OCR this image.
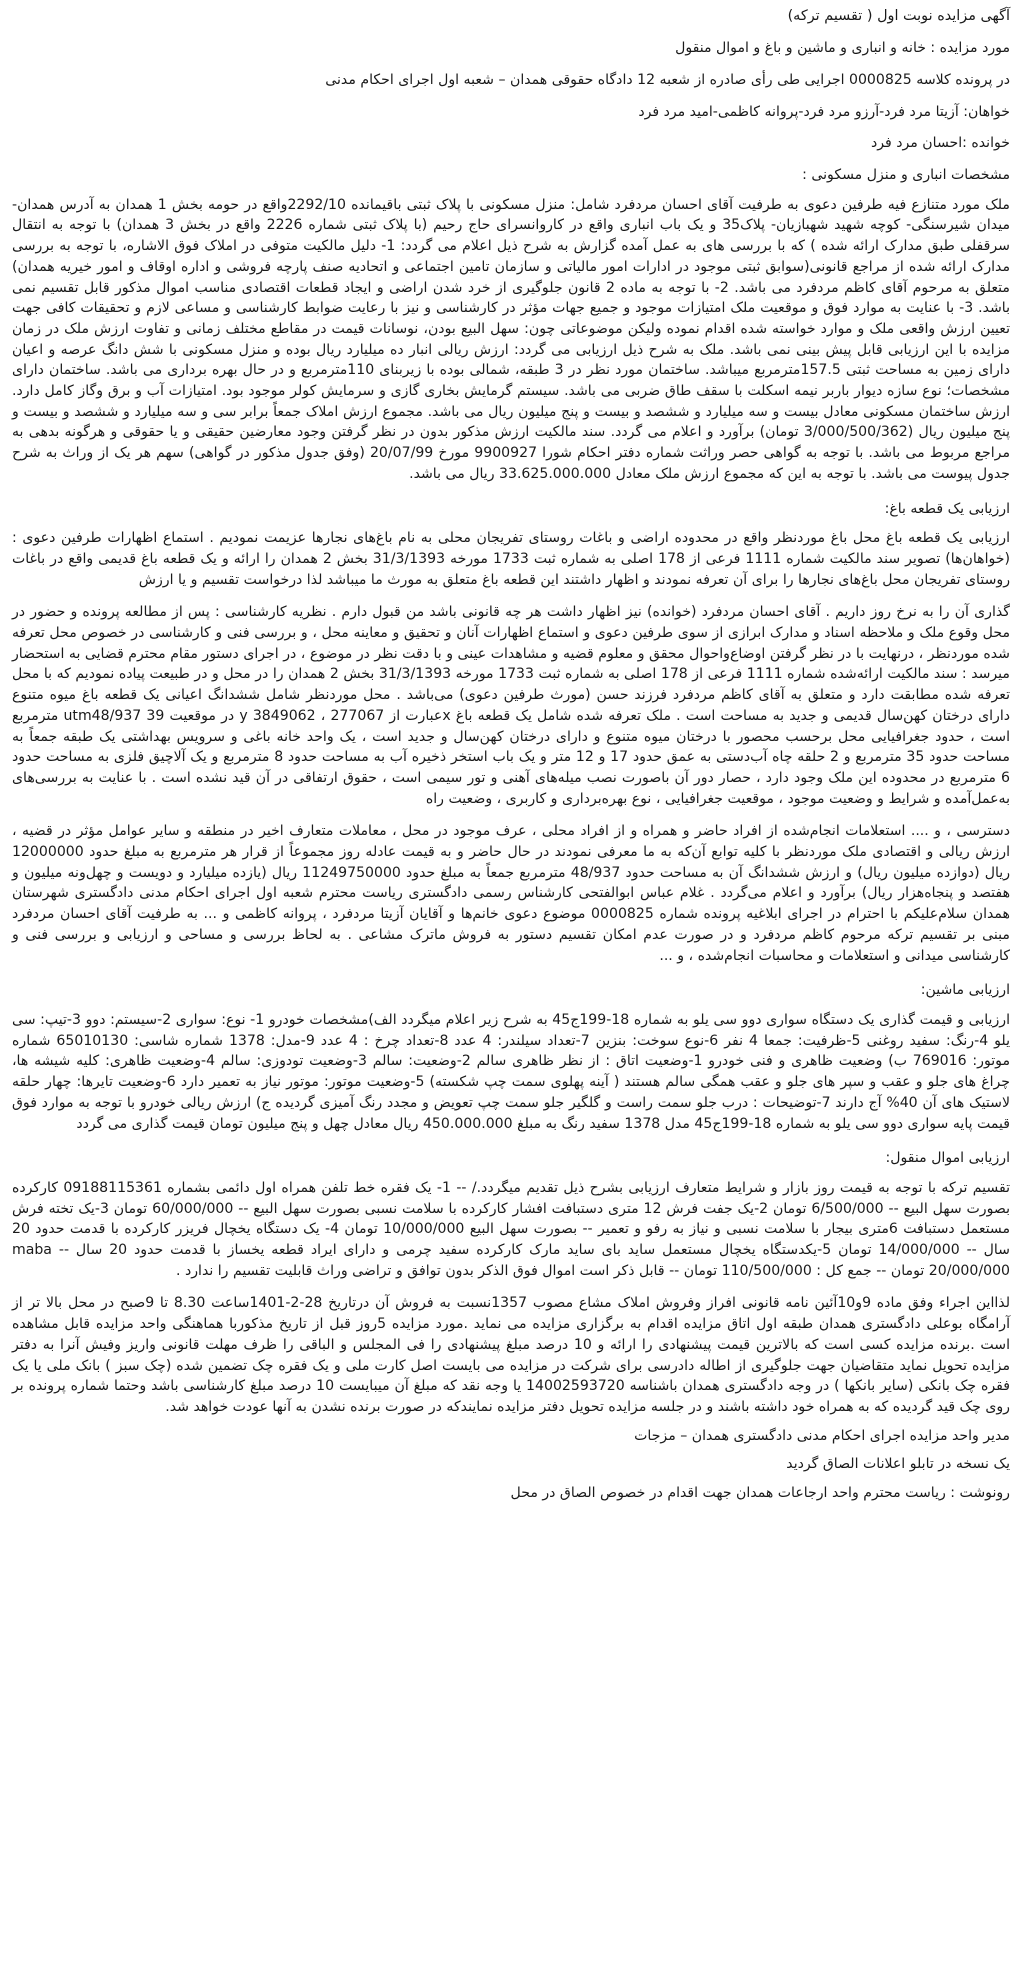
آگهی مزایده نوبت اول ( تقسیم ترکه)

مورد مزایده : خانه و انباری و ماشین و باغ و اموال منقول

در پرونده کلاسه 0000825 اجرایی طی رأی صادره از شعبه 12 دادگاه حقوقی همدان – شعبه اول اجرای احکام مدنی

خواهان: آزیتا مرد فرد-آرزو مرد فرد-پروانه کاظمی-امید مرد فرد

خوانده :احسان مرد فرد

مشخصات انباری و منزل مسکونی :

ملک مورد متنازع فیه طرفین دعوی به طرفیت آقای احسان مردفرد شامل: منزل مسکونی با پلاک ثبتی باقیمانده 2292/10واقع در حومه بخش 1 همدان به آدرس همدان- میدان شیرسنگی- کوچه شهید شهبازیان- پلاک35 و یک باب انباری واقع در کاروانسرای حاج رحیم (با پلاک ثبتی شماره 2226 واقع در بخش 3 همدان) با توجه به انتقال سرقفلی طبق مدارک ارائه شده ) که با بررسی های به عمل آمده گزارش به شرح ذیل اعلام می گردد: 1- دلیل مالکیت متوفی در املاک فوق الاشاره، با توجه به بررسی مدارک ارائه شده از مراجع قانونی(سوابق ثبتی موجود در ادارات امور مالیاتی و سازمان تامین اجتماعی و اتحادیه صنف پارچه فروشی و اداره اوقاف و امور خیریه همدان) متعلق به مرحوم آقای کاظم مردفرد می باشد. 2- با توجه به ماده 2 قانون جلوگیری از خرد شدن اراضی و ایجاد قطعات اقتصادی مناسب اموال مذکور قابل تقسیم نمی باشد. 3- با عنایت به موارد فوق و موقعیت ملک امتیازات موجود و جمیع جهات مؤثر در کارشناسی و نیز با رعایت ضوابط کارشناسی و مساعی لازم و تحقیقات کافی جهت تعیین ارزش واقعی ملک و موارد خواسته شده اقدام نموده ولیکن موضوعاتی چون: سهل البیع بودن، نوسانات قیمت در مقاطع مختلف زمانی و تفاوت ارزش ملک در زمان مزایده با این ارزیابی قابل پیش بینی نمی باشد. ملک به شرح ذیل ارزیابی می گردد: ارزش ریالی انبار ده میلیارد ریال بوده و منزل مسکونی با شش دانگ عرصه و اعیان دارای زمین به مساحت ثبتی 157.5مترمربع میباشد. ساختمان مورد نظر در 3 طبقه، شمالی بوده با زیربنای 110مترمربع و در حال بهره برداری می باشد. ساختمان دارای مشخصات؛ نوع سازه دیوار باربر نیمه اسکلت با سقف طاق ضربی می باشد. سیستم گرمایش بخاری گازی و سرمایش کولر موجود بود. امتیازات آب و برق وگاز کامل دارد. ارزش ساختمان مسکونی معادل بیست و سه میلیارد و ششصد و بیست و پنج میلیون ریال می باشد. مجموع ارزش املاک جمعاً برابر سی و سه میلیارد و ششصد و بیست و پنج میلیون ریال (3/000/500/362 تومان) برآورد و اعلام می گردد. سند مالکیت ارزش مذکور بدون در نظر گرفتن وجود معارضین حقیقی و یا حقوقی و هرگونه بدهی به مراجع مربوط می باشد. با توجه به گواهی حصر وراثت شماره دفتر احکام شورا 9900927 مورخ 20/07/99 (وفق جدول مذکور در گواهی) سهم هر یک از وراث به شرح جدول پیوست می باشد. با توجه به این که مجموع ارزش ملک معادل 33.625.000.000 ریال می باشد.

ارزیابی یک قطعه باغ:

ارزیابی یک قطعه باغ محل باغ موردنظر واقع در محدوده اراضی و باغات روستای تفریجان محلی به نام باغ‌های نجارها عزیمت نمودیم . استماع اظهارات طرفین دعوی : (خواهان‌ها) تصویر سند مالکیت شماره 1111 فرعی از 178 اصلی به شماره ثبت 1733 مورخه 31/3/1393 بخش 2 همدان را ارائه و یک قطعه باغ قدیمی واقع در باغات روستای تفریجان محل باغ‌های نجارها را برای آن تعرفه نمودند و اظهار داشتند این قطعه باغ متعلق به مورث ما میباشد لذا درخواست تقسیم و یا ارزش

گذاری آن را به نرخ روز داریم . آقای احسان مردفرد (خوانده) نیز اظهار داشت هر چه قانونی باشد من قبول دارم . نظریه کارشناسی : پس از مطالعه پرونده و حضور در محل وقوع ملک و ملاحظه اسناد و مدارک ابرازی از سوی طرفین دعوی و استماع اظهارات آنان و تحقیق و معاینه محل ، و بررسی فنی و کارشناسی در خصوص محل تعرفه شده موردنظر ، درنهایت با در نظر گرفتن اوضاع‌واحوال محقق و معلوم قضیه و مشاهدات عینی و با دقت نظر در موضوع ، در اجرای دستور مقام محترم قضایی به استحضار میرسد : سند مالکیت ارائه‌شده شماره 1111 فرعی از 178 اصلی به شماره ثبت 1733 مورخه 31/3/1393 بخش 2 همدان را در محل و در طبیعت پیاده نمودیم که با محل تعرفه شده مطابقت دارد و متعلق به آقای کاظم مردفرد فرزند حسن (مورث طرفین دعوی) می‌باشد . محل موردنظر شامل ششدانگ اعیانی یک قطعه باغ میوه متنوع دارای درختان کهن‌سال قدیمی و جدید به مساحت است . ملک تعرفه شده شامل یک قطعه باغ x‌عبارت از 277067 ، 3849062 y در موقعیت 39 utm‌48/937 مترمربع است ، حدود جغرافیایی محل برحسب محصور با درختان میوه متنوع و دارای درختان کهن‌سال و جدید است ، یک واحد خانه باغی و سرویس بهداشتی یک طبقه جمعاً به مساحت حدود 35 مترمربع و 2 حلقه چاه آب‌دستی به عمق حدود 17 و 12 متر و یک باب استخر ذخیره آب به مساحت حدود 8 مترمربع و یک آلاچیق فلزی به مساحت حدود 6 مترمربع در محدوده این ملک وجود دارد ، حصار دور آن باصورت نصب میله‌های آهنی و تور سیمی است ، حقوق ارتفاقی در آن قید نشده است . با عنایت به بررسی‌های به‌عمل‌آمده و شرایط و وضعیت موجود ، موقعیت جغرافیایی ، نوع بهره‌برداری و کاربری ، وضعیت راه

دسترسی ، و .... استعلامات انجام‌شده از افراد حاضر و همراه و از افراد محلی ، عرف موجود در محل ، معاملات متعارف اخیر در منطقه و سایر عوامل مؤثر در قضیه ، ارزش ریالی و اقتصادی ملک موردنظر با کلیه توابع آن‌که به ما معرفی نمودند در حال حاضر و به قیمت عادله روز مجموعاً از قرار هر مترمربع به مبلغ حدود 12000000 ریال (دوازده میلیون ریال) و ارزش ششدانگ آن به مساحت حدود 48/937 مترمربع جمعاً به مبلغ حدود 11249750000 ریال (یازده میلیارد و دویست و چهل‌ونه میلیون و هفتصد و پنجاه‌هزار ریال) برآورد و اعلام می‌گردد . غلام عباس ابوالفتحی کارشناس رسمی دادگستری ریاست محترم شعبه اول اجرای احکام مدنی دادگستری شهرستان همدان سلام‌علیکم با احترام در اجرای ابلاغیه پرونده شماره 0000825 موضوع دعوی خانم‌ها و آقایان آزیتا مردفرد ، پروانه کاظمی و ... به طرفیت آقای احسان مردفرد مبنی بر تقسیم ترکه مرحوم کاظم مردفرد و در صورت عدم امکان تقسیم دستور به فروش ماترک مشاعی . به لحاظ بررسی و مساحی و ارزیابی و بررسی فنی و کارشناسی میدانی و استعلامات و محاسبات انجام‌شده ، و ...

ارزیابی ماشین:

ارزیابی و قیمت گذاری یک دستگاه سواری دوو سی یلو به شماره 18-199ج45 به شرح زیر اعلام میگردد الف)مشخصات خودرو 1- نوع: سواری 2-سیستم: دوو 3-تیپ: سی یلو 4-رنگ: سفید روغنی 5-ظرفیت: جمعا 4 نفر 6-نوع سوخت: بنزین 7-تعداد سیلندر: 4 عدد 8-تعداد چرخ : 4 عدد 9-مدل: 1378 شماره شاسی: 65010130 شماره موتور: 769016 ب) وضعیت ظاهری و فنی خودرو 1-وضعیت اتاق : از نظر ظاهری سالم 2-وضعیت: سالم 3-وضعیت تودوزی: سالم 4-وضعیت ظاهری: کلیه شیشه ها، چراغ های جلو و عقب و سپر های جلو و عقب همگی سالم هستند ( آینه پهلوی سمت چپ شکسته) 5-وضعیت موتور: موتور نیاز به تعمیر دارد 6-وضعیت تایرها: چهار حلقه لاستیک های آن 40% آج دارند 7-توضیحات : درب جلو سمت راست و گلگیر جلو سمت چپ تعویض و مجدد رنگ آمیزی گردیده ج) ارزش ریالی خودرو با توجه به موارد فوق قیمت پایه سواری دوو سی یلو به شماره 18-199ج45 مدل 1378 سفید رنگ به مبلغ 450.000.000 ریال معادل چهل و پنج میلیون تومان قیمت گذاری می گردد

ارزیابی اموال منقول:

تقسیم ترکه با توجه به قیمت روز بازار و شرایط متعارف ارزیابی بشرح ذیل تقدیم میگردد./ -- 1- یک فقره خط تلفن همراه اول دائمی بشماره 09188115361 کارکرده بصورت سهل البیع -- 6/500/000 تومان 2-یک جفت فرش 12 متری دستبافت افشار کارکرده با سلامت نسبی بصورت سهل البیع -- 60/000/000 تومان 3-یک تخته فرش مستعمل دستبافت 6متری بیجار با سلامت نسبی و نیاز به رفو و تعمیر -- بصورت سهل البیع 10/000/000 تومان 4- یک دستگاه یخچال فریزر کارکرده با قدمت حدود 20 سال -- 14/000/000 تومان 5-یکدستگاه یخچال مستعمل ساید بای ساید مارک کارکرده سفید چرمی و دارای ایراد قطعه یخساز با قدمت حدود 20 سال -- maba 20/000/000 تومان -- جمع کل : 110/500/000 تومان -- قابل ذکر است اموال فوق الذکر بدون توافق و تراضی وراث قابلیت تقسیم را ندارد .

لذااین اجراء وفق ماده 9و10آئین نامه قانونی افراز وفروش املاک مشاع مصوب 1357نسبت به فروش آن درتاریخ 28-2-1401ساعت 8.30 تا 9صبح در محل بالا تر از آرامگاه بوعلی دادگستری همدان طبقه اول اتاق مزایده اقدام به برگزاری مزایده می نماید .مورد مزایده 5روز قبل از تاریخ مذکوربا هماهنگی واحد مزایده قابل مشاهده است .برنده مزایده کسی است که بالاترین قیمت پیشنهادی را ارائه و 10 درصد مبلغ پیشنهادی را فی المجلس و الباقی را ظرف مهلت قانونی واریز وفیش آنرا به دفتر مزایده تحویل نماید متقاضیان جهت جلوگیری از اطاله دادرسی برای شرکت در مزایده می بایست اصل کارت ملی و یک فقره چک تضمین شده (چک سبز ) بانک ملی یا یک فقره چک بانکی (سایر بانکها ) در وجه دادگستری همدان باشناسه 14002593720 یا وجه نقد که مبلغ آن میبایست 10 درصد مبلغ کارشناسی باشد وحتما شماره پرونده بر روی چک قید گردیده که به همراه خود داشته باشند و در جلسه مزایده تحویل دفتر مزایده نمایندکه در صورت برنده نشدن به آنها عودت خواهد شد.

مدیر واحد مزایده اجرای احکام مدنی دادگستری همدان – مزجات

یک نسخه در تابلو اعلانات الصاق گردید

رونوشت : ریاست محترم واحد ارجاعات همدان جهت اقدام در خصوص الصاق در محل
